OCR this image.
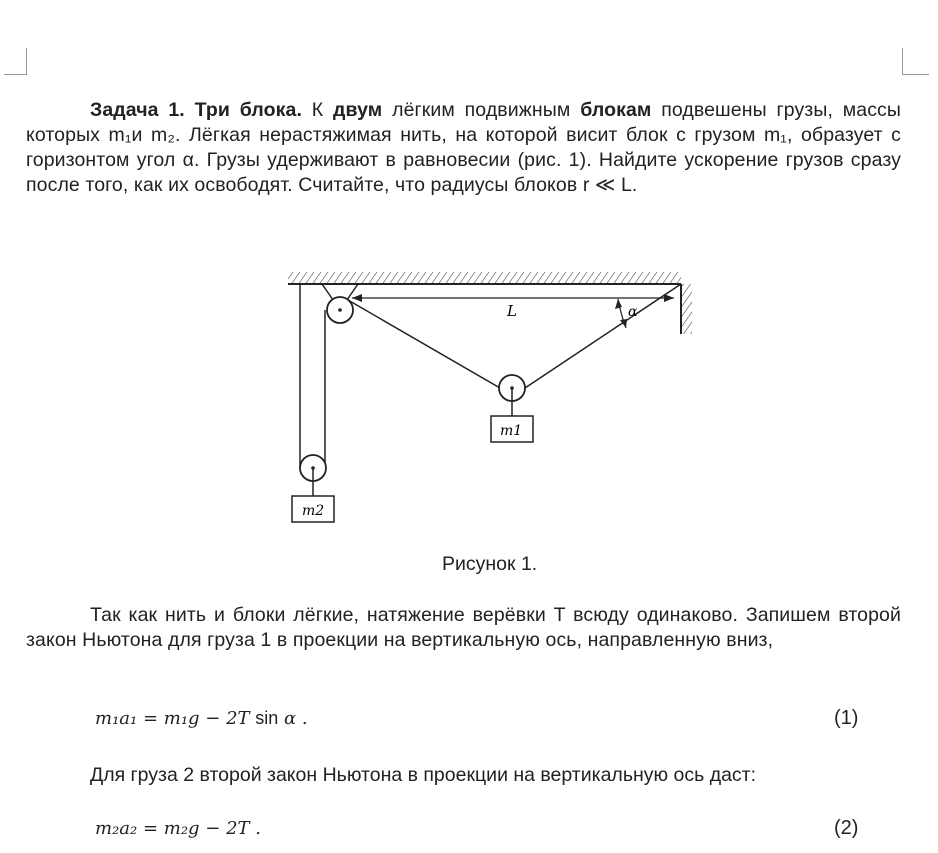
Задача 1. Три блока. К двум лёгким подвижным блокам подвешены грузы, массы которых m₁и m₂. Лёгкая нерастяжимая нить, на которой висит блок с грузом m₁, образует с горизонтом угол α. Грузы удерживают в равновесии (рис. 1). Найдите ускорение грузов сразу после того, как их освободят. Считайте, что радиусы блоков r ≪ L.
L	α
m1
m2
Рисунок 1.
Так как нить и блоки лёгкие, натяжение верёвки T всюду одинаково. Запишем второй закон Ньютона для груза 1 в проекции на вертикальную ось, направленную вниз,
m₁a₁ = m₁g − 2T sin α .	(1)
Для груза 2 второй закон Ньютона в проекции на вертикальную ось даст:
m₂a₂ = m₂g − 2T .	(2)
